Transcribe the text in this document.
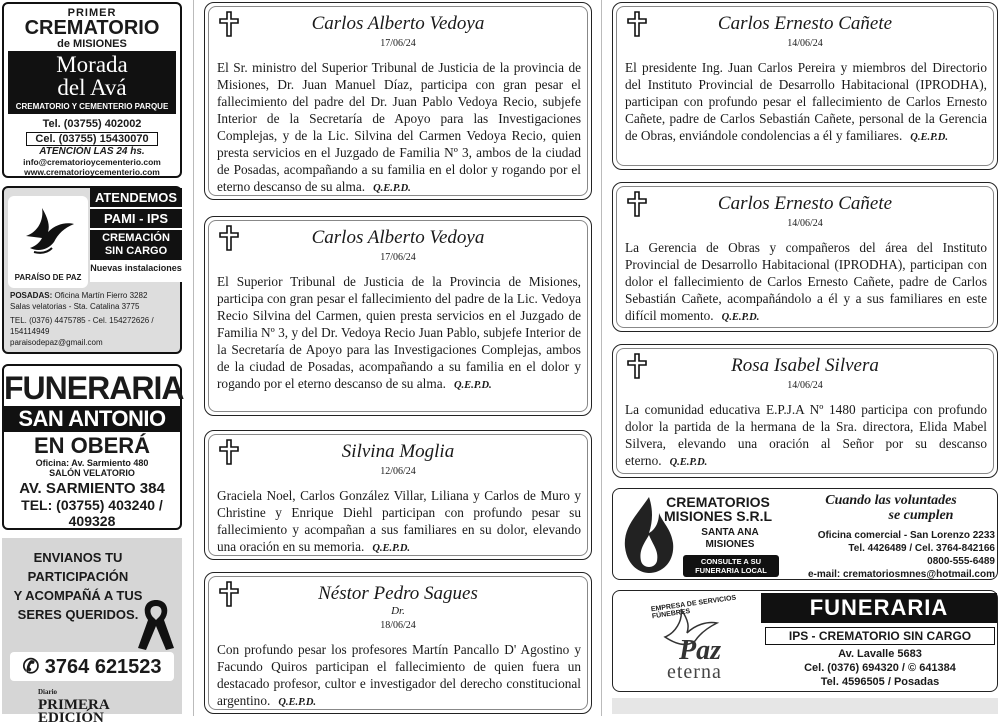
PRIMER
CREMATORIO
de MISIONES
Morada
del Avá
CREMATORIO Y CEMENTERIO PARQUE
Tel. (03755) 402002
Cel. (03755) 15430070
ATENCIÓN LAS 24 hs.
info@crematorioycementerio.com
www.crematorioycementerio.com
PARAÍSO DE PAZ
ATENDEMOS
PAMI - IPS
CREMACIÓN
SIN CARGO
Nuevas instalaciones
POSADAS: Oficina Martín Fierro 3282
Salas velatorias - Sta. Catalina 3775
TEL. (0376) 4475785 - Cel. 154272626 / 154114949
paraisodepaz@gmail.com
FUNERARIA
SAN ANTONIO
EN OBERÁ
Oficina: Av. Sarmiento 480
SALÓN VELATORIO
AV. SARMIENTO 384
TEL: (03755) 403240 / 409328
ENVIANOS TU
PARTICIPACIÓN
Y ACOMPAÑÁ A TUS
SERES QUERIDOS.
✆ 3764 621523
Diario
PRIMERA
EDICIÓN
Carlos Alberto Vedoya
17/06/24
El Sr. ministro del Superior Tribunal de Justicia de la provincia de Misiones, Dr. Juan Manuel Díaz, participa con gran pesar el fallecimiento del padre del Dr. Juan Pablo Vedoya Recio, subjefe Interior de la Secretaría de Apoyo para las Investigaciones Complejas, y de la Lic. Silvina del Carmen Vedoya Recio, quien presta servicios en el Juzgado de Familia Nº 3, ambos de la ciudad de Posadas, acompañando a su familia en el dolor y rogando por el eterno descanso de su alma. Q.E.P.D.
Carlos Alberto Vedoya
17/06/24
El Superior Tribunal de Justicia de la Provincia de Misiones, participa con gran pesar el fallecimiento del padre de la Lic. Vedoya Recio Silvina del Carmen, quien presta servicios en el Juzgado de Familia Nº 3, y del Dr. Vedoya Recio Juan Pablo, subjefe Interior de la Secretaría de Apoyo para las Investigaciones Complejas, ambos de la ciudad de Posadas, acompañando a su familia en el dolor y rogando por el eterno descanso de su alma. Q.E.P.D.
Silvina Moglia
12/06/24
Graciela Noel, Carlos González Villar, Liliana y Carlos de Muro y Christine y Enrique Diehl participan con profundo pesar su fallecimiento y acompañan a sus familiares en su dolor, elevando una oración en su memoria. Q.E.P.D.
Néstor Pedro Sagues
Dr.
18/06/24
Con profundo pesar los profesores Martín Pancallo D' Agostino y Facundo Quiros participan el fallecimiento de quien fuera un destacado profesor, cultor e investigador del derecho constitucional argentino. Q.E.P.D.
Carlos Ernesto Cañete
14/06/24
El presidente Ing. Juan Carlos Pereira y miembros del Directorio del Instituto Provincial de Desarrollo Habitacional (IPRODHA), participan con profundo pesar el fallecimiento de Carlos Ernesto Cañete, padre de Carlos Sebastián Cañete, personal de la Gerencia de Obras, enviándole condolencias a él y familiares. Q.E.P.D.
Carlos Ernesto Cañete
14/06/24
La Gerencia de Obras y compañeros del área del Instituto Provincial de Desarrollo Habitacional (IPRODHA), participan con dolor el fallecimiento de Carlos Ernesto Cañete, padre de Carlos Sebastián Cañete, acompañándolo a él y a sus familiares en este difícil momento. Q.E.P.D.
Rosa Isabel Silvera
14/06/24
La comunidad educativa E.P.J.A Nº 1480 participa con profundo dolor la partida de la hermana de la Sra. directora, Elida Mabel Silvera, elevando una oración al Señor por su descanso eterno. Q.E.P.D.
CREMATORIOS
MISIONES S.R.L
SANTA ANA
MISIONES
CONSULTE A SU
FUNERARIA LOCAL
Cuando las voluntades
se cumplen
Oficina comercial - San Lorenzo 2233
Tel. 4426489 / Cel. 3764-842166
0800-555-6489
e-mail: crematoriosmnes@hotmail.com
EMPRESA DE SERVICIOS FÚNEBRES
Paz
eterna
FUNERARIA
IPS - CREMATORIO SIN CARGO
Av. Lavalle 5683
Cel. (0376) 694320 / © 641384
Tel. 4596505 / Posadas
